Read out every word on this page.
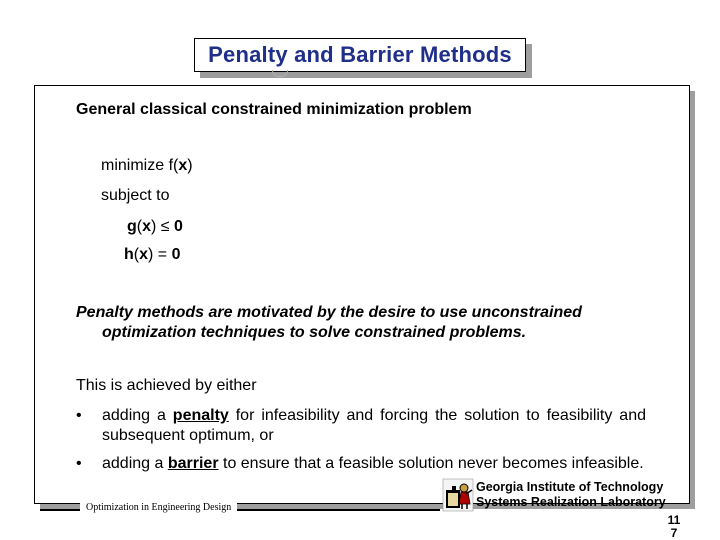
Penalty and Barrier Methods
General classical constrained minimization problem
minimize f(x)
subject to
g(x) ≤ 0
h(x) = 0
Penalty methods are motivated by the desire to use unconstrained
optimization techniques to solve constrained problems.
This is achieved by either
• adding a penalty for infeasibility and forcing the solution to feasibility and subsequent optimum, or
• adding a barrier to ensure that a feasible solution never becomes infeasible.
Optimization in Engineering Design
Georgia Institute of Technology
Systems Realization Laboratory
11
7
